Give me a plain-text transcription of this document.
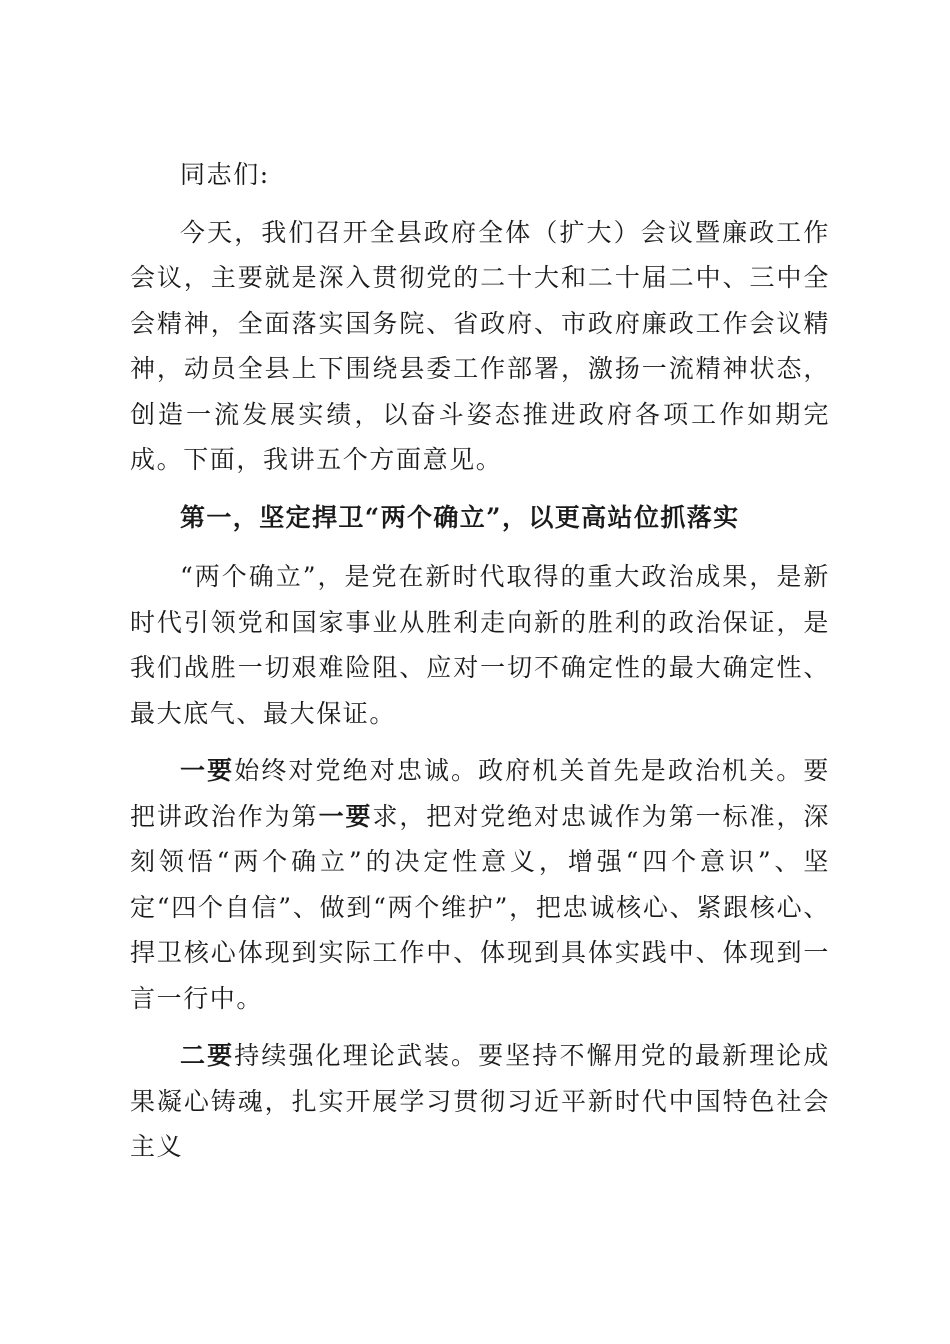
同志们:

今天，我们召开全县政府全体（扩大）会议暨廉政工作会议，主要就是深入贯彻党的二十大和二十届二中、三中全会精神，全面落实国务院、省政府、市政府廉政工作会议精神，动员全县上下围绕县委工作部署，激扬一流精神状态，创造一流发展实绩，以奋斗姿态推进政府各项工作如期完成。下面，我讲五个方面意见。

第一，坚定捍卫“两个确立”，以更高站位抓落实

“两个确立”，是党在新时代取得的重大政治成果，是新时代引领党和国家事业从胜利走向新的胜利的政治保证，是我们战胜一切艰难险阻、应对一切不确定性的最大确定性、最大底气、最大保证。

一要始终对党绝对忠诚。政府机关首先是政治机关。要把讲政治作为第一要求，把对党绝对忠诚作为第一标准，深刻领悟“两个确立”的决定性意义，增强“四个意识”、坚定“四个自信”、做到“两个维护”，把忠诚核心、紧跟核心、捍卫核心体现到实际工作中、体现到具体实践中、体现到一言一行中。

二要持续强化理论武装。要坚持不懈用党的最新理论成果凝心铸魂，扎实开展学习贯彻习近平新时代中国特色社会主义
